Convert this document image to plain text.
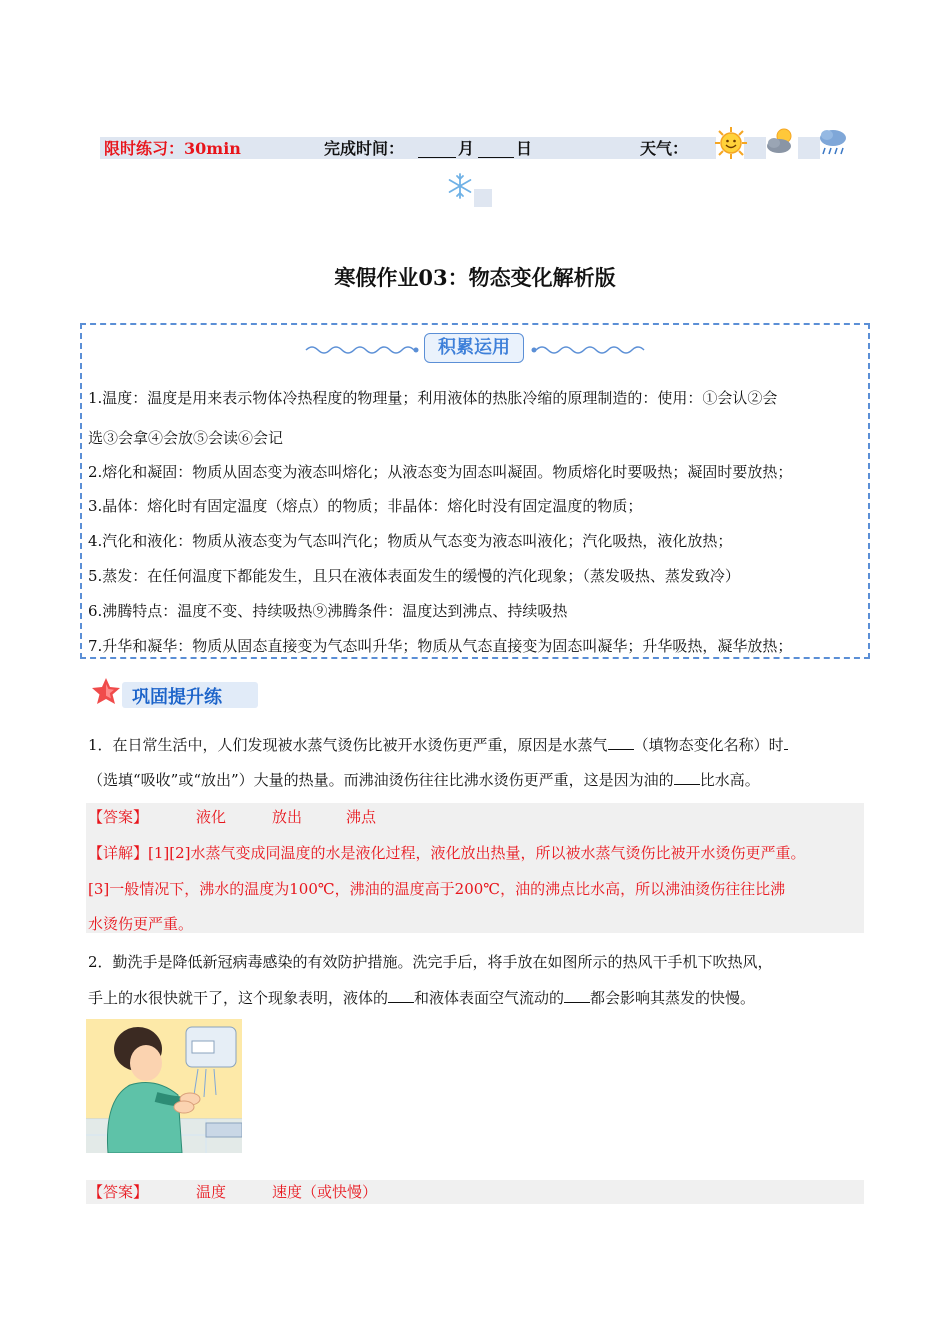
限时练习：30min	完成时间：	月	日	天气：
寒假作业03：物态变化解析版
积累运用
1.温度：温度是用来表示物体冷热程度的物理量；利用液体的热胀冷缩的原理制造的：使用：①会认②会
选③会拿④会放⑤会读⑥会记
2.熔化和凝固：物质从固态变为液态叫熔化；从液态变为固态叫凝固。物质熔化时要吸热；凝固时要放热；
3.晶体：熔化时有固定温度（熔点）的物质；非晶体：熔化时没有固定温度的物质；
4.汽化和液化：物质从液态变为气态叫汽化；物质从气态变为液态叫液化；汽化吸热，液化放热；
5.蒸发：在任何温度下都能发生，且只在液体表面发生的缓慢的汽化现象；（蒸发吸热、蒸发致冷）
6.沸腾特点：温度不变、持续吸热⑨沸腾条件：温度达到沸点、持续吸热
7.升华和凝华：物质从固态直接变为气态叫升华；物质从气态直接变为固态叫凝华；升华吸热，凝华放热；
巩固提升练
1．在日常生活中，人们发现被水蒸气烫伤比被开水烫伤更严重，原因是水蒸气 （填物态变化名称）时
（选填“吸收”或“放出”）大量的热量。而沸油烫伤往往比沸水烫伤更严重，这是因为油的 比水高。
【答案】	液化	放出	沸点
【详解】[1][2]水蒸气变成同温度的水是液化过程，液化放出热量，所以被水蒸气烫伤比被开水烫伤更严重。
[3]一般情况下，沸水的温度为100℃，沸油的温度高于200℃，油的沸点比水高，所以沸油烫伤往往比沸
水烫伤更严重。
2．勤洗手是降低新冠病毒感染的有效防护措施。洗完手后，将手放在如图所示的热风干手机下吹热风，
手上的水很快就干了，这个现象表明，液体的 和液体表面空气流动的 都会影响其蒸发的快慢。
【答案】	温度	速度（或快慢）
